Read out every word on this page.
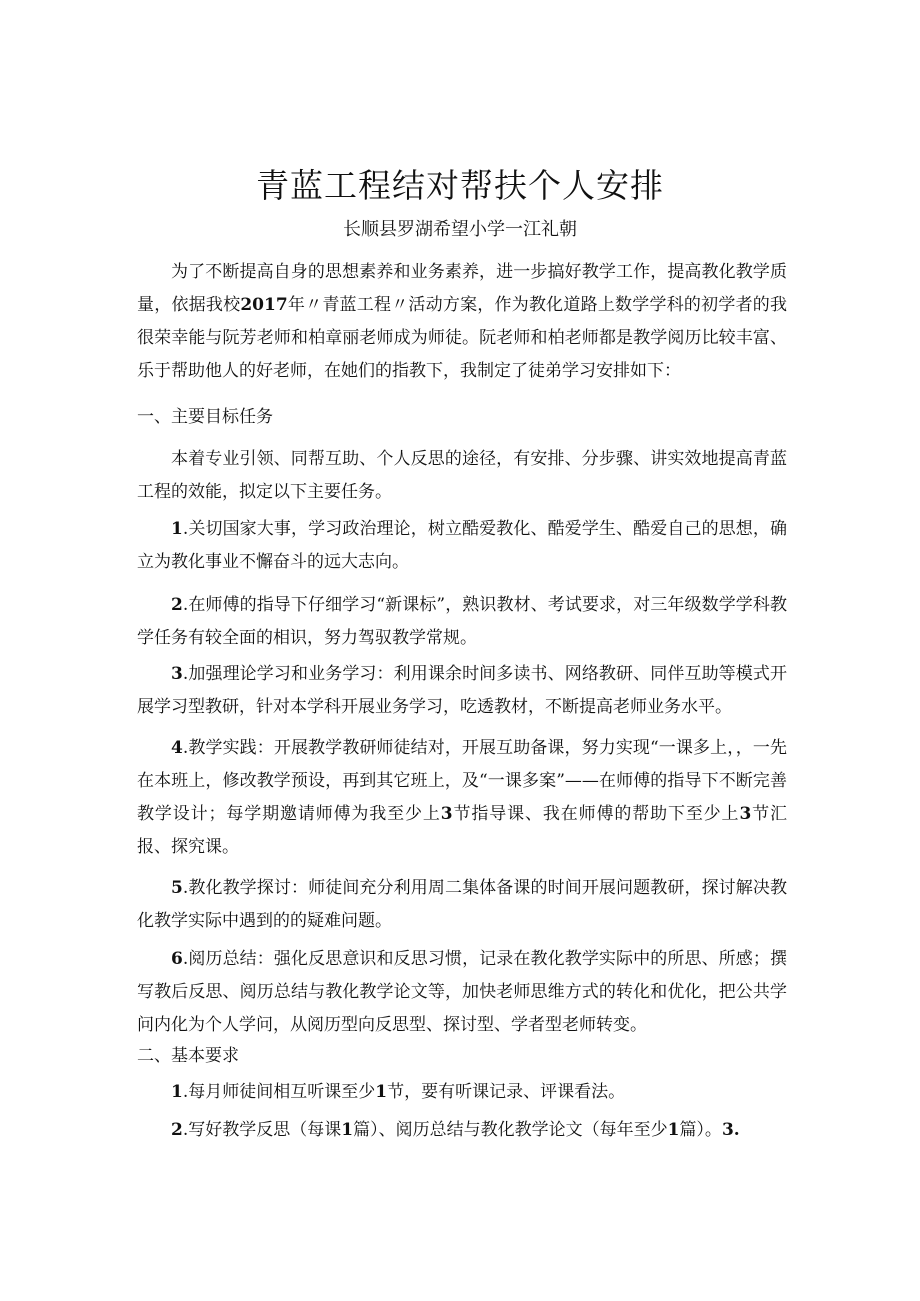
青蓝工程结对帮扶个人安排
长顺县罗湖希望小学一江礼朝

为了不断提高自身的思想素养和业务素养，进一步搞好教学工作，提高教化教学质量，依据我校2017年〃青蓝工程〃活动方案，作为教化道路上数学学科的初学者的我很荣幸能与阮芳老师和柏章丽老师成为师徒。阮老师和柏老师都是教学阅历比较丰富、乐于帮助他人的好老师，在她们的指教下，我制定了徒弟学习安排如下：

一、主要目标任务

本着专业引领、同帮互助、个人反思的途径，有安排、分步骤、讲实效地提高青蓝工程的效能，拟定以下主要任务。

1.关切国家大事，学习政治理论，树立酷爱教化、酷爱学生、酷爱自己的思想，确立为教化事业不懈奋斗的远大志向。

2.在师傅的指导下仔细学习“新课标”，熟识教材、考试要求，对三年级数学学科教学任务有较全面的相识，努力驾驭教学常规。

3.加强理论学习和业务学习：利用课余时间多读书、网络教研、同伴互助等模式开展学习型教研，针对本学科开展业务学习，吃透教材，不断提高老师业务水平。

4.教学实践：开展教学教研师徒结对，开展互助备课，努力实现“一课多上，，一先在本班上，修改教学预设，再到其它班上，及“一课多案”——在师傅的指导下不断完善教学设计；每学期邀请师傅为我至少上3节指导课、我在师傅的帮助下至少上3节汇报、探究课。

5.教化教学探讨：师徒间充分利用周二集体备课的时间开展问题教研，探讨解决教化教学实际中遇到的的疑难问题。

6.阅历总结：强化反思意识和反思习惯，记录在教化教学实际中的所思、所感；撰写教后反思、阅历总结与教化教学论文等，加快老师思维方式的转化和优化，把公共学问内化为个人学问，从阅历型向反思型、探讨型、学者型老师转变。

二、基本要求

1.每月师徒间相互听课至少1节，要有听课记录、评课看法。

2.写好教学反思（每课1篇）、阅历总结与教化教学论文（每年至少1篇）。3.
